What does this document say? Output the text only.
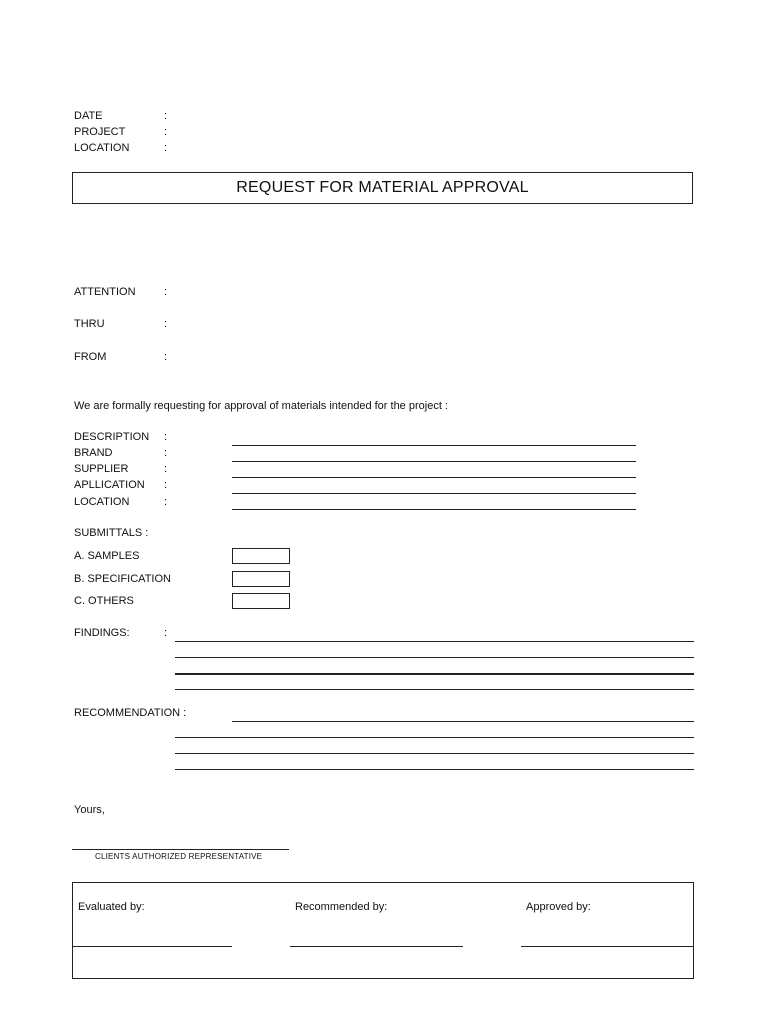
DATE	:
PROJECT	:
LOCATION	:
REQUEST FOR MATERIAL APPROVAL
ATTENTION	:
THRU	:
FROM	:
We are formally requesting for approval of materials intended for the project :
DESCRIPTION :
BRAND	:
SUPPLIER	:
APLLICATION :
LOCATION	:
SUBMITTALS :
A. SAMPLES
B. SPECIFICATION
C. OTHERS
FINDINGS:	:
RECOMMENDATION :
Yours,
CLIENTS AUTHORIZED REPRESENTATIVE
Evaluated by:	Recommended by:	Approved by:
